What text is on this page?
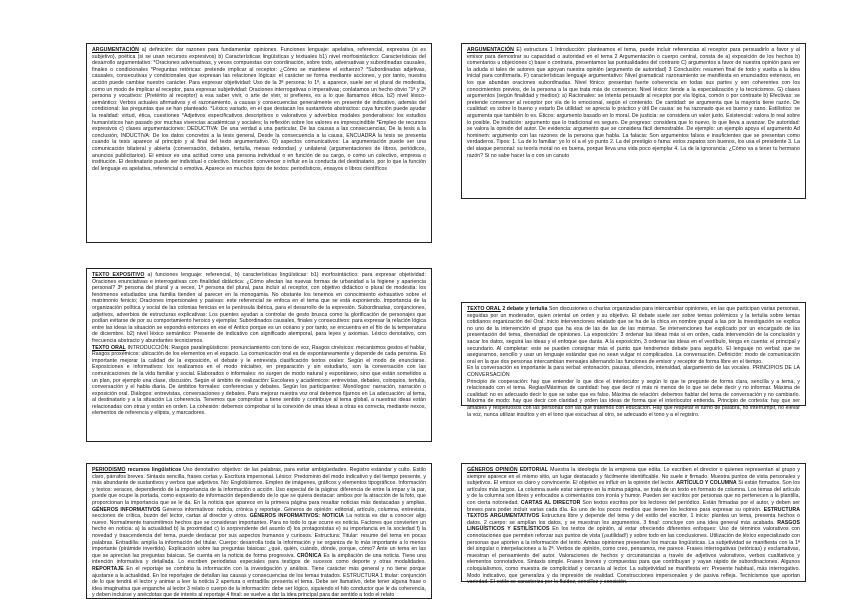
ARGUMENTACIÓN a) definición: dar razones para fundamentar opiniones. Funciones lenguaje: apelativa, referencial, expresiva (si es subjetivo), poética (si se usan recursos expresivos) b) Características lingüísticas y textuales b1) nivel morfosintáctico: Características del desarrollo argumentativo: *Oraciones adversativas, y veces compuestas con coordinación, sobre todo, adversativas y subordinadas causales, finales o condicionales *Preguntas retóricas: pretende implicar al receptor: ¿Cómo se mantiene el esfuerzo? *Subordinadas adjetivas, causales, consecutivas y condicionales que expresan las relaciones lógicas: el carácter se forma mediante acciones, y por tanto, nuestra acción puede cambiar nuestro carácter. Para expresar objetividad: Uso de la 3ª persona: lo 1ª, a aparece, suele ser el plural de modestia, como un modo de implicar al receptor, para expresar subjetividad: Oraciones interrogativas o imperativas; conlatamos un hecho obvio "1ª y 2ª persona y vocativos: (Pretérito al receptor) a esa saber vivir, o arte de vivir, si prefieres, es a lo que llamamos ética. b2) nivel léxico-semántico: Verbos actuales afirmativos y el razonamiento, a causas y consecuencias generalmente en presente de indicativo, además del condicional: las preguntas que se han planteado. *Léxico variado, en el que destacan los sustantivos abstractos: cuya función puede ayudar la realidad: virtud, ética, cuestiones *Adjetivos especificativos descriptivos o valorativos y adverbios modales ponderativos: los estudios humanísticos han pasado por muchas vivencias académicas y sociales; la reflexión sobre los valores es imprescindible *Empleo de recursos expresivos c) clases argumentaciones: DEDUCTIVA: De una verdad a una particular, De las causas a las consecuencias, De la tesis a la conclusión, INDUCTIVA: De los datos concretos a la tesis general, Desde la consecuencia a la causa, ENCUADRA la tesis se presenta cuando la tesis aparece al principio y al final del texto argumentativo. D) aspectos comunicativos: La argumentación puede ser una comunicación bilateral y abierta (conversación, debates, tertulia, mesas redondas) y unilateral (argumentaciones de libros, periódicos, anuncios publicitarios). El emisor es una actitud como una persona individual o en función de su cargo, o como un colectivo, empresa o institución. El destinatario puede ser individual o colectivo. Intención: convencer o influir en la conducta del destinatario, por lo que la función del lenguaje es apelativa, referencial o emotiva. Aparece en muchos tipos de textos: periodísticos, ensayos o libros científicos

ARGUMENTACIÓN E) estructura 1 Introducción: planteamos el tema, puede incluir referencias al receptor para persuadirlo a favor y al emisor para demostrar su capacidad o autoridad en el tema 2 Argumentación o cuerpo central, consta de a) exposición de los hechos b) comentarios u objeciones c) base o contraria, presentamos las puntualidades del contrario C) argumentos a favor de nuestra opinión para ver la aduda si tales de autores que apoyan nuestra opinión (argumento de autoridad) 3 Conclusión: resumen final de todo y vuelta a la idea inicial para confirmarla. F) características lenguaje argumentativo: Nivel gramatical: razonamiento se manifiesta en enunciados extensos, en los que abundan oraciones subordinadas. Nivel fónico: presentan fuerte coherencia en todas sus partes y son coherentes con los conocimientos previos, de la persona a la que trata más de convencer. Nivel léxico: tiende a la especialización y la tecnicismos. G) clases argumentos (según finalidad y medios): a) Racionales: se intenta persuadir al receptor por vía lógica, comón o por contraste b) Efectivas: se pretende convencer al receptor por vía de lo emocional, según el contenido. De cantidad: se argumenta que la mayoría tiene razón. De cualidad: es sobre lo bueno y estarlo De utilidad: se aprecia lo práctico y útil De causa: se ha razonado que es bueno y sano. Estilístico: se argumenta que también lo es. Éticos: argumento basado en lo moral. De justicia: se considera un valor justo. Existencial: valora lo real sobre lo posible. De tradición: argumento que lo tradicional es seguro. De progreso: considera que lo nuevo, lo que lleva a avanzar. De autoridad: se valora la opinión del autor. De evidencia: argumento que se considera fácil demostrable. De ejemplo: un ejemplo apoya el argumento Ad hominem: argumento con las razones de la persona que habla. La falacia: Son argumentos falsos e insuficientes que se presentan como verdaderos. Tipos: 1. La de lo familiar: yo lo oí a el yo punto 2. La del prestigio o fama: estos zapatos son buenos, los usa el presidente 3. La del ataque personal: su teoría moral no es buena, porque lleva una vida poco ejemplar 4. La de la ignorancia: ¿Cómo va a tener tu hermano razón? Si no sabe hacer la o con un canuto

TEXTO EXPOSITIVO a) funciones lenguaje: referencial, b) características lingüísticas: b1) morfosintáctico: para expresar objetividad: Oraciones enunciativas e interrogativas con finalidad didáctica: ¿Cómo afectan las nuevas formas de urbanidad a la higiene y apariencia personal? 3ª persona del plural y a veces, 1ª persona del plural, para incluir al receptor, con objetivo didáctico o plural de modestia: los fenómenos estudiados una familia tienden al parecer en la monogamia. No obstante los tenemos en conocimiento exhaustivo sobre el matrimonio fenicio; Oraciones impersonales y pasivas: este referencial se enfoca en el tema que se está exponiendo. Importancia de la organización política y social de las colonias fenicias en la península ibérica, para el desarrollo de la expresión. Subordinadas, conjunciones, adjetivos, adverbios de estructuras explicativas: Los puentes ayudan a controlar de gesto brusca como la glorificación de personajes que podían evitarse de por su comportamiento heroico y ejemplar. Subordinados causales, finales y consecutivos: para expresar la relación lógica entre las ideas la situación se expondrá entonces en ese el Antico porque es un océano y por tanto, se encuentra en el filo de la temperatura de diciembre. b2) nivel léxico semántico: Presente de indicativo con significado atemporal, para leyes y axiomas. Léxico denotativo, con frecuencia abstracto y abundantes tecnicismos.

TEXTO ORAL INTRODUCCIÓN: Rasgos paralingüísticos: pronunciamiento con tono de voz, Rasgos cinésicos: mecanismos gestos el hablar, Rasgos proxémicos: ubicación de los elementos en el espacio. La comunicación oral es de espontaneamente y depende de cada persona. Es importante mejorar la calidad de la exposición, el debate y le entrevista clasificación textos orales: Según el modo de enunciarse. Exposiciones e informativos: los realizamos en el modo iniciativo, en preparación y sin estudiarlo, son la conversación con las comunicaciones de la vida familiar y social. Elaborados o informales: no surgen de modo natural y espontáneo, sino que están sometidos a un plan, por ejemplo una clase, discusión. Según el ámbito de realización: Escolares y académicos: entrevistas, debates, coloquios, tertulia, conversación y el habla diaria. De ámbitos formales: conferencias y debates. Según los participantes: Monólogos: narración, narración o exposición oral. Diálogos: entrevistas, conversaciones y debates. Para mejorar nuestra voz oral debemos fijarnos en La adecuación: al tema, al destinatario y a la situación La coherencia. Tenemos que comprobar a tiene sentido y contribuye al tema global, a nuestras ideas están relacionadas con otras y están en orden. La cohesión: debemos comprobar si la conexión de unas ideas a otras es correcta, mediante nexos, elementos de referencia y elipsis, y marcadores.

TEXTO ORAL 2 debate y tertulia Son discusiones o charlas organizadas para intercambiar opiniones, en las que participan varias personas, seguidas por un moderador, quien oriental un orden y su objetivo. El debate suele ser sobre temas polémicos y la tertulia sobre temas cotidianos organización del Oral: inicio intervenciones relatado que se ha de la chica en nombre grupal a las por la investigación se explica no uno de la intervención el grupo que ha esa de las de las de las mismas. Se intervenciones fue explicado por un encargado de las presentación del tema, diversidad de opiniones. La exposición: 3 ordenar las ideas más si en orden, cada intervención de la conclusión y sacar los datos, seguirá las ideas y el enfoque que darás. A la exposición, 3 ordenar las ideas en el vestíbulo, tenga en cuenta: el principal y secundario. Al completar: este se pueden consignar más el punto que tendremos debate para seguirlo. El lenguaje no verbal: que se asegurarnos, sencillo y usar un lenguaje estándar que no sean vulgar ni complicados. La conversación. Definición: modo de comunicación oral en la que dos personas intercambian mensajes alternando las funciones de emisor y receptor de forma libre en el tiempo.

En la conversación es importante la para verbal: entonación, pausas, silencios, intensidad, alargamiento de las vocales. PRINCIPIOS DE LA CONVERSACIÓN

Principio de cooperación: hay que entender lo que dice el interlocutor y según lo que te pregunte de forma clara, sencilla y a tema, y relacionado con el tema. Reglas/Máximas de cantidad: hay que decir ni más ni menos de lo que se debe decir y no informar. Máxima de cualidad: no es adecuado decir lo que se sabe que es falso. Máxima de relación: debemos hablar del tema de conversación y no cambiarlo. Máxima de modo: hay que decir con claridad y orden las ideas de forma que el interlocutor entienda. Principio de cortesía: hay que ser amables y respetuosos con las personas con las que tratemos con educación. Hay que respetar el turno de palabra, no interrumpir, no elevar la voz, nunca utilizar insultos y en el tono que escuchas al otro, se adecuado el tono y a el registro.

PERIODISMO recursos lingüísticos Uso denotativo: objetivo: de las palabras, para evitar ambigüedades. Registro estándar y culto. Estilo claro, párrafos breves. Sintaxis sencilla, frases cortas y. Escritura impersonal. Léxico: Predominio del modo indicativo y del tiempo presente, y más abundante de sustantivos y verbos que adjetivos. No: Englobiismos. Empleo de imágenes, gráficos y elementos tipográficos. Información y textos: veraces, dependiendo de la importancia de la información o acción. Uso especial de la página: diferencia de entre la impar y la par, puede que ocupe la portada, como expuesto de información dependiendo de lo que se quiera destacar: ambos por la atracción de la foto, que proporcionan la importancia que se le da. En la noticia que aparece en la primera página para resaltar noticias más destacadas y amplias. GÉNEROS INFORMATIVOS Géneros informativos: noticia, crónica y reportaje. Géneros de opinión: editorial, artículo, columna, entrevista, secciones de crítica, buzón del lector, cartas al director y otros. GÉNEROS INFORMATIVOS: NOTICIA La noticia es dar a conocer algo nuevo. Normalmente transmitimos hechos que se consideran importantes. Para no todo lo que ocurre es noticia. Factores que convierten un hecho en noticia: a) la actualidad b) la proximidad c) lo sorprendente del asunto d) los protagonistas e) su importancia en la sociedad f) la novedad y trascendencia del tema, puede destacar por sus aspectos humanos y curiosos. Estructura: Titular: resume del tema en pocas palabras. Entradilla: amplía la información del titular. Cuerpo: desarrolla toda la información y se organiza de lo más importante a lo menos importante (pirámide invertida). Explicación sobre las preguntas básicas: ¿qué, quién, cuándo, dónde, porque, cómo? Ante un tema en las que se aprecian las preguntas básicas. Se cuenta en la noticia de forma progresiva. CRÓNICA Es la ampliación de una noticia. Tiene una intención informativa y detallada. Lo escriben periodistas especiales para testigos de sucesos como deporte y otras modalidades. REPORTAJE En el reportaje se combina la información con la investigación y análisis. Tiene carácter más general y no tiene porque ajustarse a la actualidad. En los reportajes de detallan las causas y consecuencias de los temas tratados. ESTRUCTURA 1 titular: conjunción de lo que tendrá el lector y animar a leer la noticia 2 apertura o entradilla: presenta el tema. Debe ser llamativo, debe tener alguna frase o idea imaginativa que enganche al lector 3 relato o cuerpo de la información: debe ser lógico, siguiendo el hilo conductor que le da coherencia, y deben incluirse y anécdotas que de interés al reportaje 4 final: se vuelve a dar la idea principal para dar sentido a todo el relato

GÉNEROS OPINIÓN EDITORIAL Muestra la ideología de la empresa que edita. Lo escriben el director o quienes representan al grupo y siempre aparece en el mismo sitio, un lugar destacado y fácilmente identificable. No suele ir firmado. Muestra puntos de vista personales y subjetivos. El emisor es claro y convincente. El objetivo es influir en la opinión del lector. ARTÍCULO Y COLUMNA Si están firmados. Son los artículos más largos. La columna suele estar siempre en la misma página, se trata de un texto en formato de columna. Los temas del artículo y de la columna son libres y enfocados a comentarios con ironía y humor. Pueden ser escritos por personas que no pertenecen a la plantilla, con cierta notoriedad. CARTAS AL DIRECTOR Son textos escritos por los lectores del periódico. Están firmadas por el autor, y deben ser breves para poder incluir varias cada día. Es uno de los pocos medios que tienen los lectores para expresar su opinión. ESTRUCTURA TEXTOS ARGUMENTATIVOS Estructura libre y depende del tema y del estilo del escritor. 1 inicio: plantea un tema, presenta hechos o datos. 2 cuerpo: se amplían los datos, y se muestran los argumentos. 3 final: concluye con una idea general más acabada. RASGOS LINGÜÍSTICOS Y ESTILÍSTICOS En los textos de opinión, al estar ofreciendo diferentes enfoques: Uso de términos valorativos con connotaciones que permiten reforzar sus puntos de vista (¡sutilidad!) y sobre todo en las conclusiones. Utilización de léxico especializado con personas que aporten a la información del texto. Ambas opiniones presentan los marcas lingüísticas. La subjetividad se manifiesta con la 1ª del singular o interpelaciones a la 2ª. Verbos de opinión, como creo, pensamos, me parece. Frases interrogativas (retóricas) y exclamativas, muestran el pensamiento del autor. Valoraciones de hechos y circunstancias a través de adjetivos valorativos, verbos cualitativos y elementos connotativos. Sintaxis simple. Frases breves y compuestas para que contribuyan y vayan rápido de subordinaciones. Algunos coloquialismos, como muestra de complicidad y cercanía al lector. La subjetividad se manifiesta en: Presente habitual, más interrogativo. Modo indicativo, que generaliza y da impresión de realidad. Construcciones impersonales y de pasiva refleja. Tecnicismos que aportan variedad. El estilo se caracteriza por la fluidez, sencillez y concisión.
